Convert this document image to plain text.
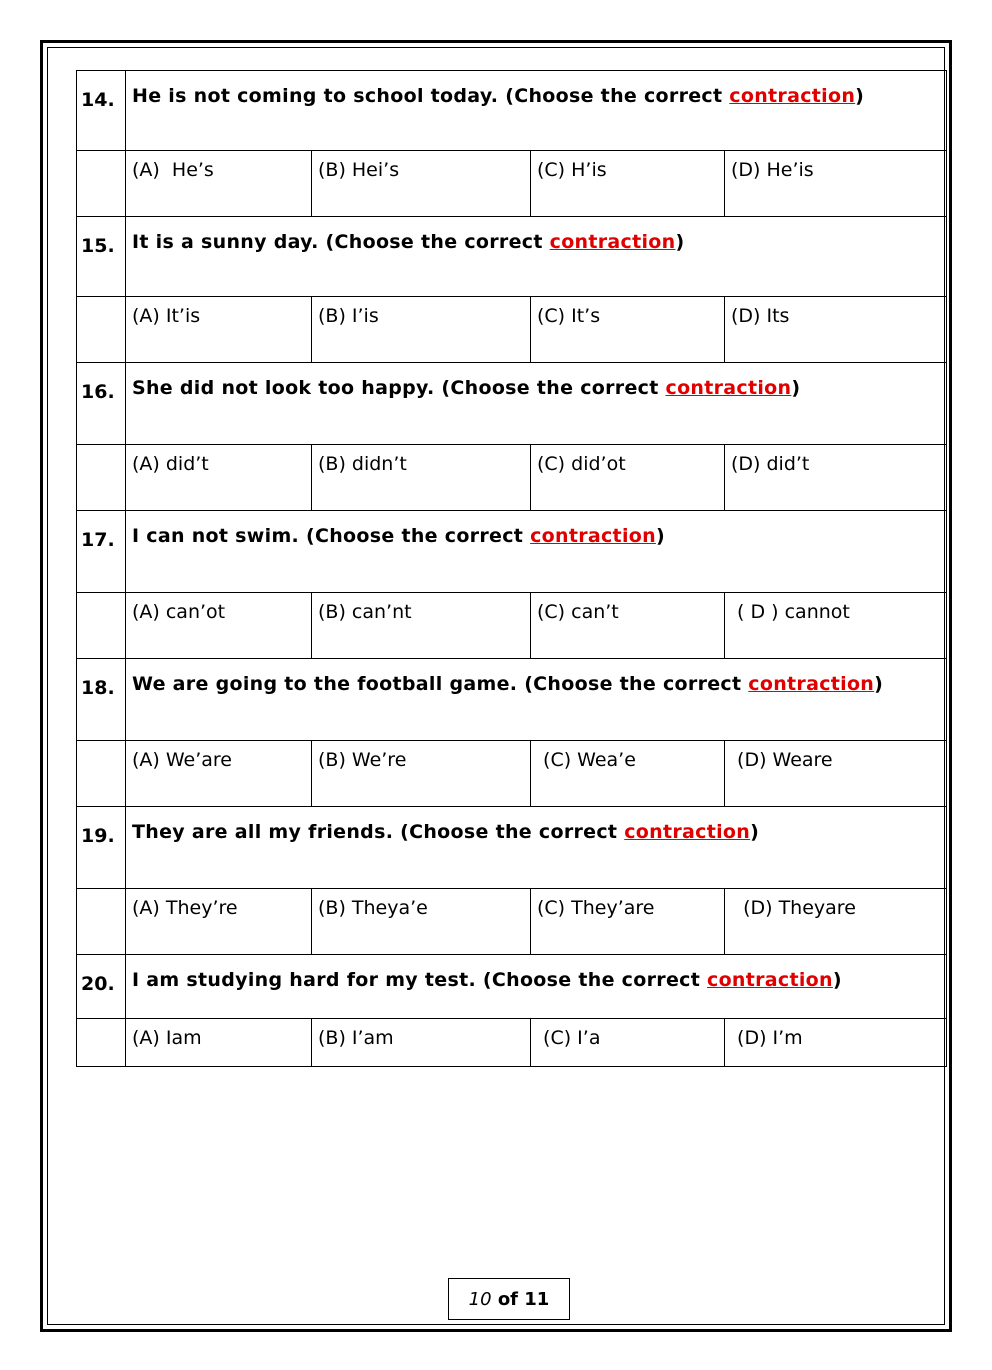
14.	He is not coming to school today. (Choose the correct contraction)			
	(A)  He’s	(B) Hei’s	(C) H’is	(D) He’is

15.	It is a sunny day. (Choose the correct contraction)			
	(A) It’is	(B) I’is	(C) It’s	(D) Its

16.	She did not look too happy. (Choose the correct contraction)			
	(A) did’t	(B) didn’t	(C) did’ot	(D) did’t

17.	I can not swim. (Choose the correct contraction)			
	(A) can’ot	(B) can’nt	(C) can’t	( D ) cannot

18.	We are going to the football game. (Choose the correct contraction)			
	(A) We’are	(B) We’re	(C) Wea’e	(D) Weare

19.	They are all my friends. (Choose the correct contraction)			
	(A) They’re	(B) Theya’e	(C) They’are	(D) Theyare

20.	I am studying hard for my test. (Choose the correct contraction)			
	(A) Iam	(B) I’am	(C) I’a	(D) I’m
10 of 11
